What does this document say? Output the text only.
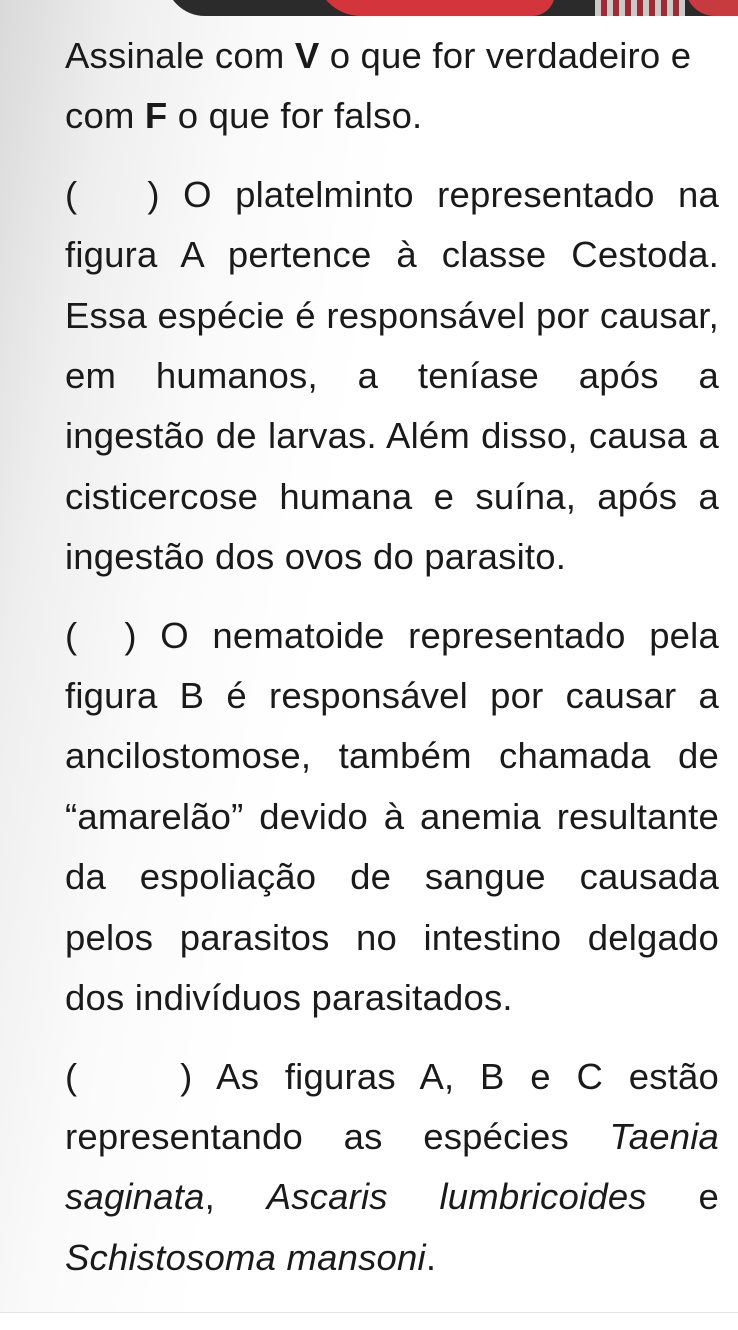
Assinale com V o que for verdadeiro e com F o que for falso.

(   ) O platelminto representado na figura A pertence à classe Cestoda. Essa espécie é responsável por causar, em humanos, a teníase após a ingestão de larvas. Além disso, causa a cisticercose humana e suína, após a ingestão dos ovos do parasito.

(  ) O nematoide representado pela figura B é responsável por causar a ancilostomose, também chamada de “amarelão” devido à anemia resultante da espoliação de sangue causada pelos parasitos no intestino delgado dos indivíduos parasitados.

(    ) As figuras A, B e C estão representando as espécies Taenia saginata, Ascaris lumbricoides e Schistosoma mansoni.
